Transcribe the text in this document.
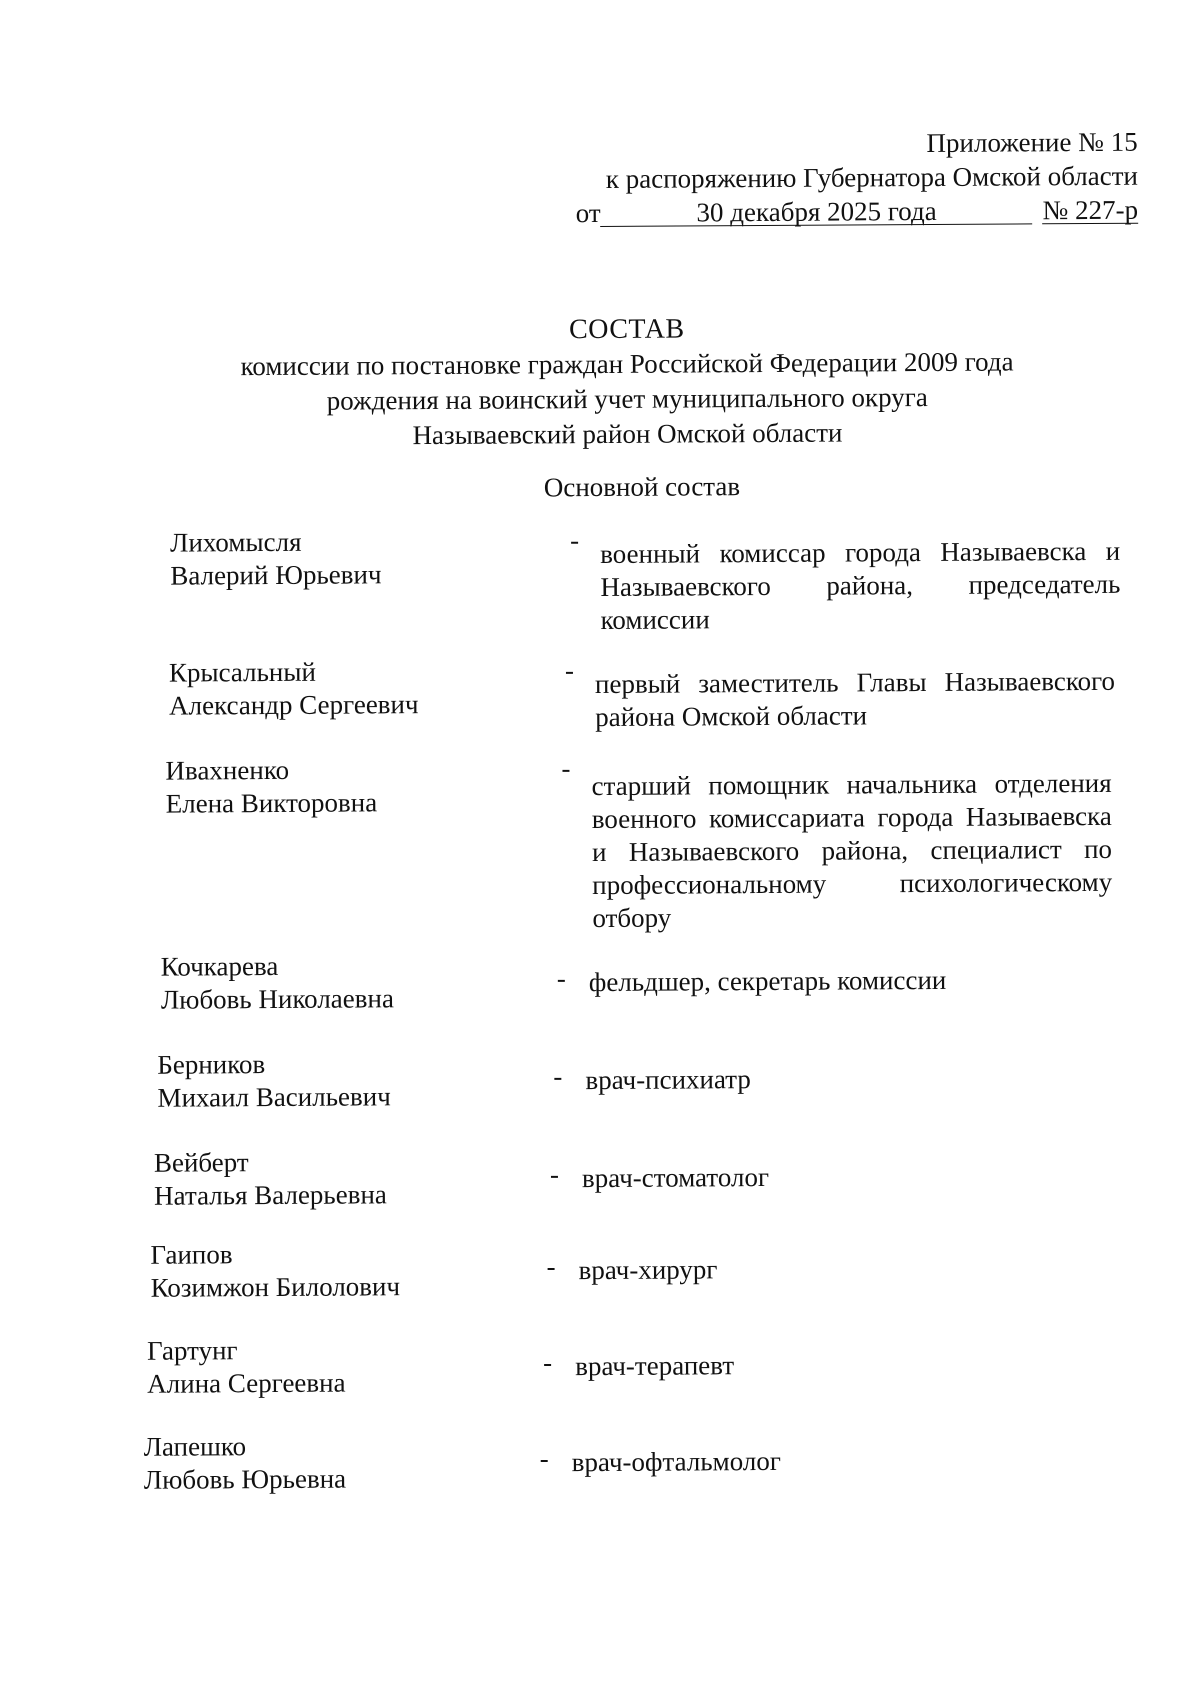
Приложение № 15
к распоряжению Губернатора Омской области
от	30 декабря 2025 года	№ 227-р
СОСТАВ
комиссии по постановке граждан Российской Федерации 2009 года
рождения на воинский учет муниципального округа
Называевский район Омской области
Основной состав
Лихомысля
Валерий Юрьевич
- военный комиссар города Называевска и Называевского района, председатель комиссии
Крысальный
Александр Сергеевич
- первый заместитель Главы Называевского района Омской области
Ивахненко
Елена Викторовна
- старший помощник начальника отделения военного комиссариата города Называевска и Называевского района, специалист по профессиональному психологическому отбору
Кочкарева
Любовь Николаевна
- фельдшер, секретарь комиссии
Берников
Михаил Васильевич
- врач-психиатр
Вейберт
Наталья Валерьевна
- врач-стоматолог
Гаипов
Козимжон Билолович
- врач-хирург
Гартунг
Алина Сергеевна
- врач-терапевт
Лапешко
Любовь Юрьевна
- врач-офтальмолог
